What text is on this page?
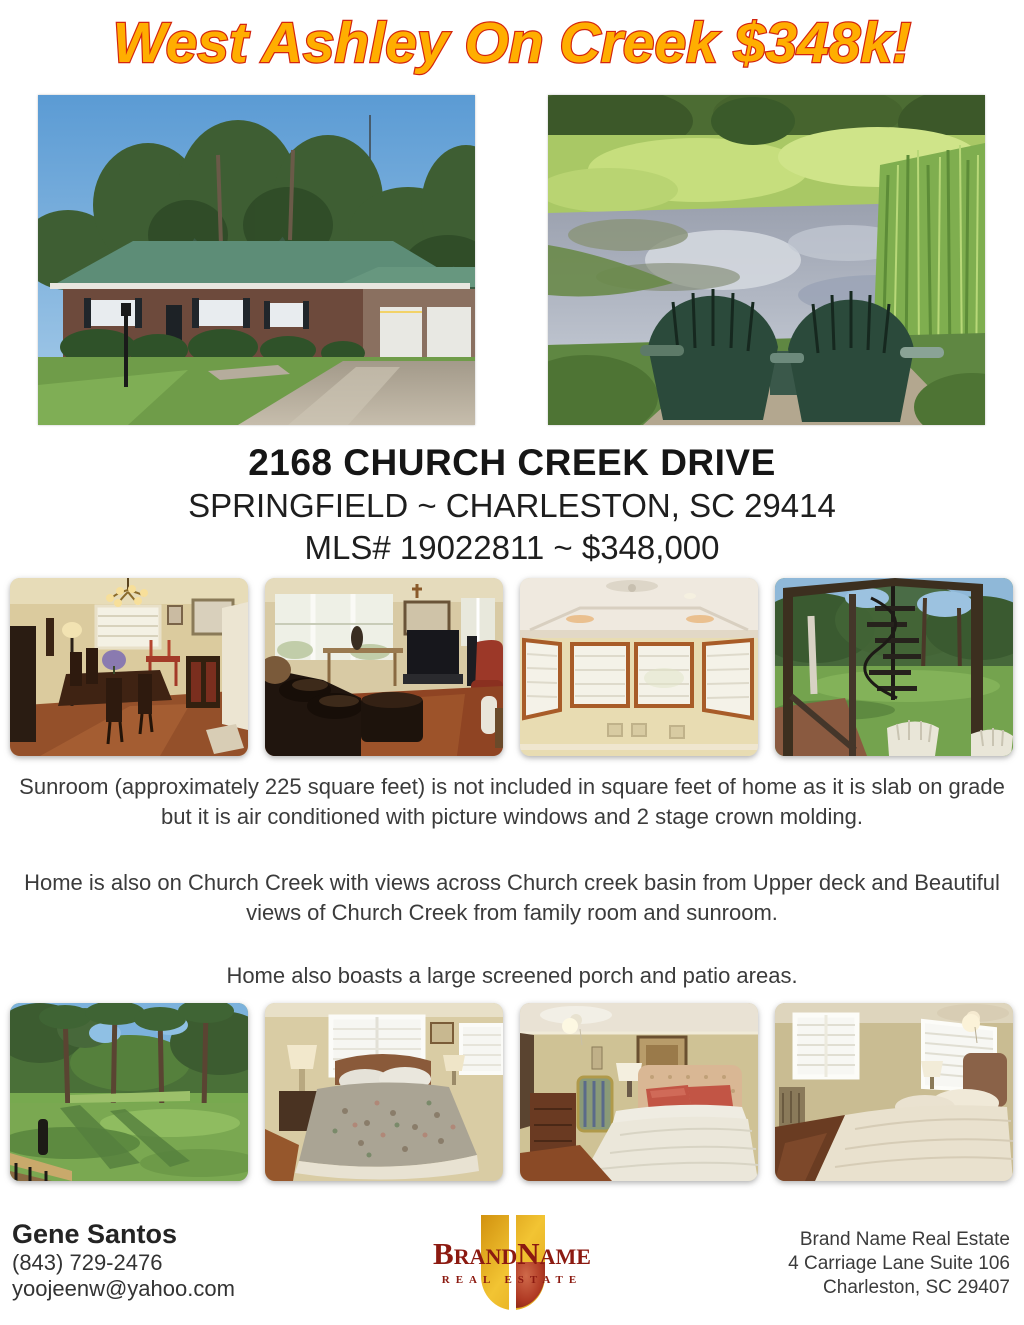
West Ashley On Creek $348k!
2168 CHURCH CREEK DRIVE
SPRINGFIELD ~ CHARLESTON, SC 29414
MLS# 19022811 ~ $348,000

Sunroom (approximately 225 square feet) is not included in square feet of home as it is slab on grade but it is air conditioned with picture windows and 2 stage crown molding.

Home is also on Church Creek with views across Church creek basin from Upper deck and Beautiful views of Church Creek from family room and sunroom.

Home also boasts a large screened porch and patio areas.

Gene Santos
(843) 729-2476
yoojeenw@yahoo.com
BrandName
REAL ESTATE
Brand Name Real Estate
4 Carriage Lane Suite 106
Charleston, SC 29407
